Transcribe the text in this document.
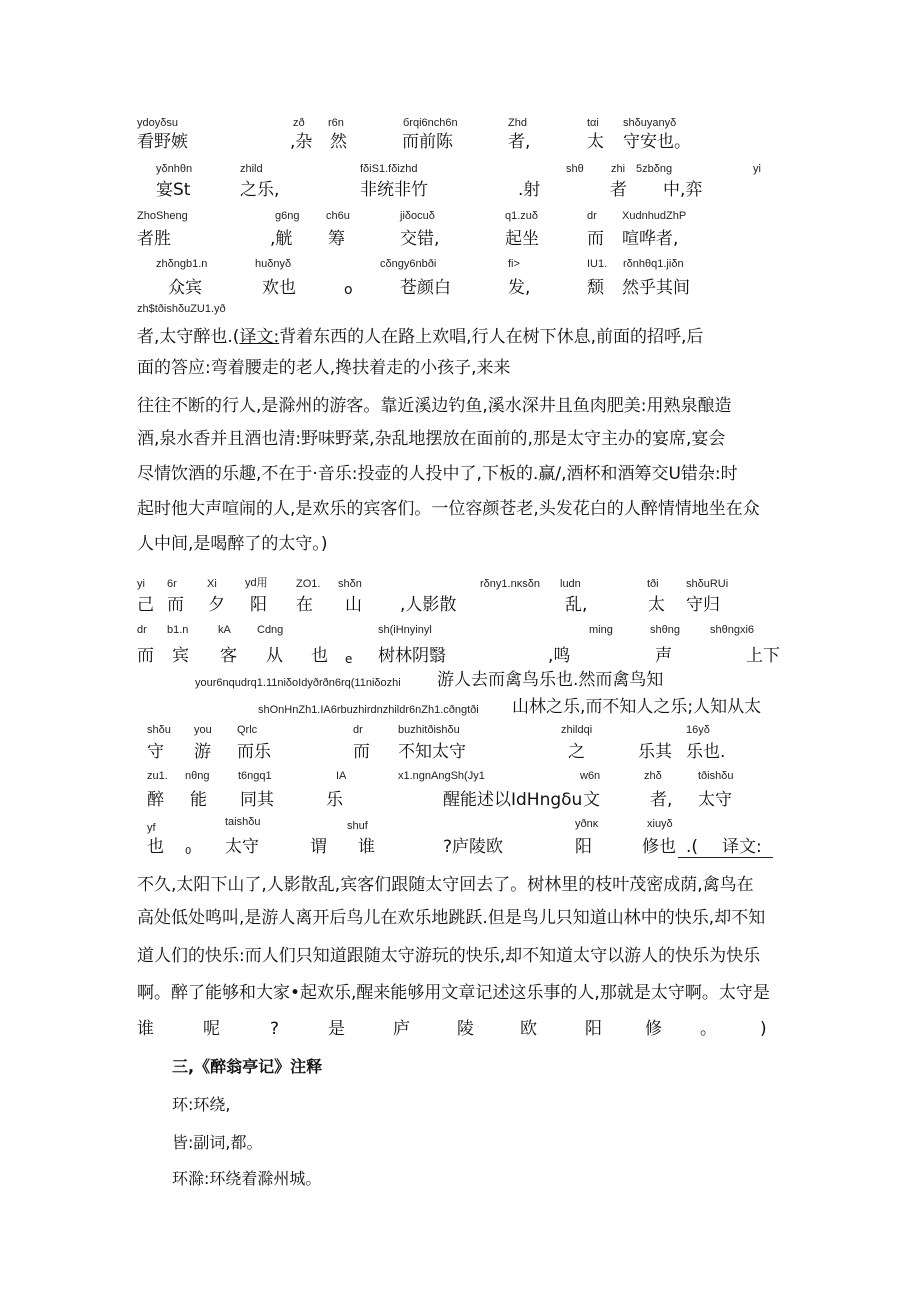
ydoyδsu	zð r6n	бrqi6nch6n	Zhd	tαi shδuyanyδ
看野嫉	,杂 然	而前陈	者,	太 守安也。
yδnhθn	zhild	fδiS1.fδizhd	shθ zhi 5zbδng	yi
宴St	之乐,	非统非竹	.射	者 中,弈
ZhoSheng	g6ng ch6u	jiδocuδ	q1.zuδ	dr XudnhudZhP
者胜	,觥 筹	交错,	起坐	而 喧哗者,
zhδngb1.n	huδnyδ	cδngy6nbði	fi>	IU1. rδnhθq1.jiδn
众宾	欢也	o	苍颜白	发,	颓 然乎其间
zh$tðishδuZU1.yð
者,太守醉也.(译文:背着东西的人在路上欢唱,行人在树下休息,前面的招呼,后
面的答应:弯着腰走的老人,搀扶着走的小孩子,来来
往往不断的行人,是滁州的游客。靠近溪边钓鱼,溪水深井且鱼肉肥美:用熟泉酿造
酒,泉水香并且酒也清:野味野菜,杂乱地摆放在面前的,那是太守主办的宴席,宴会
尽情饮酒的乐趣,不在于·音乐:投壶的人投中了,下板的.赢/,酒杯和酒筹交U错杂:时
起时他大声喧闹的人,是欢乐的宾客们。一位容颜苍老,头发花白的人醉情情地坐在众
人中间,是喝醉了的太守。)
yi 6r	Xi	yd用	ZO1. shδn	rδny1.nκsδn ludn	tði shδuRUi
己 而 夕 阳 在 山 ,人影散	乱,	太 守归
dr b1.n	kA Cdng	sh(iHnyinуl	ming	shθng	shθngxi6
而 宾 客 从 也 e 树林阴翳	,鸣	声	上下
your6nqudrq1.11niδoIdyðrðn6rq(11niδozhi 游人去而禽鸟乐也.然而禽鸟知
shOnHnZh1.IA6rbuzhirdnzhildr6nZh1.cðngtði 山林之乐,而不知人之乐;人知从太
shδu you Qrlc	dr	buzhitðishδu	zhildqi	16yδ
守 游 而乐	而 不知太守	之	乐其 乐也.
zu1. nθng	t6ngq1	IA	x1.ngnAngSh(Jy1	w6n	zhδ	tðishδu
醉 能 同其	乐	醒能述以IdHngδu 文	者, 太守
yf	taishδu	shuf	yðnκ	xiuyδ
也 0 太守	谓 谁	?庐陵欧	阳	修也 .( 译文:
不久,太阳下山了,人影散乱,宾客们跟随太守回去了。树林里的枝叶茂密成荫,禽鸟在
高处低处鸣叫,是游人离开后鸟儿在欢乐地跳跃.但是鸟儿只知道山林中的快乐,却不知
道人们的快乐:而人们只知道跟随太守游玩的快乐,却不知道太守以游人的快乐为快乐
啊。醉了能够和大家•起欢乐,醒来能够用文章记述这乐事的人,那就是太守啊。太守是
谁	呢	?	是	庐	陵	欧	阳	修 。	)
三,《醉翁亭记》注释
环:环绕,
皆:副词,都。
环滁:环绕着滁州城。
